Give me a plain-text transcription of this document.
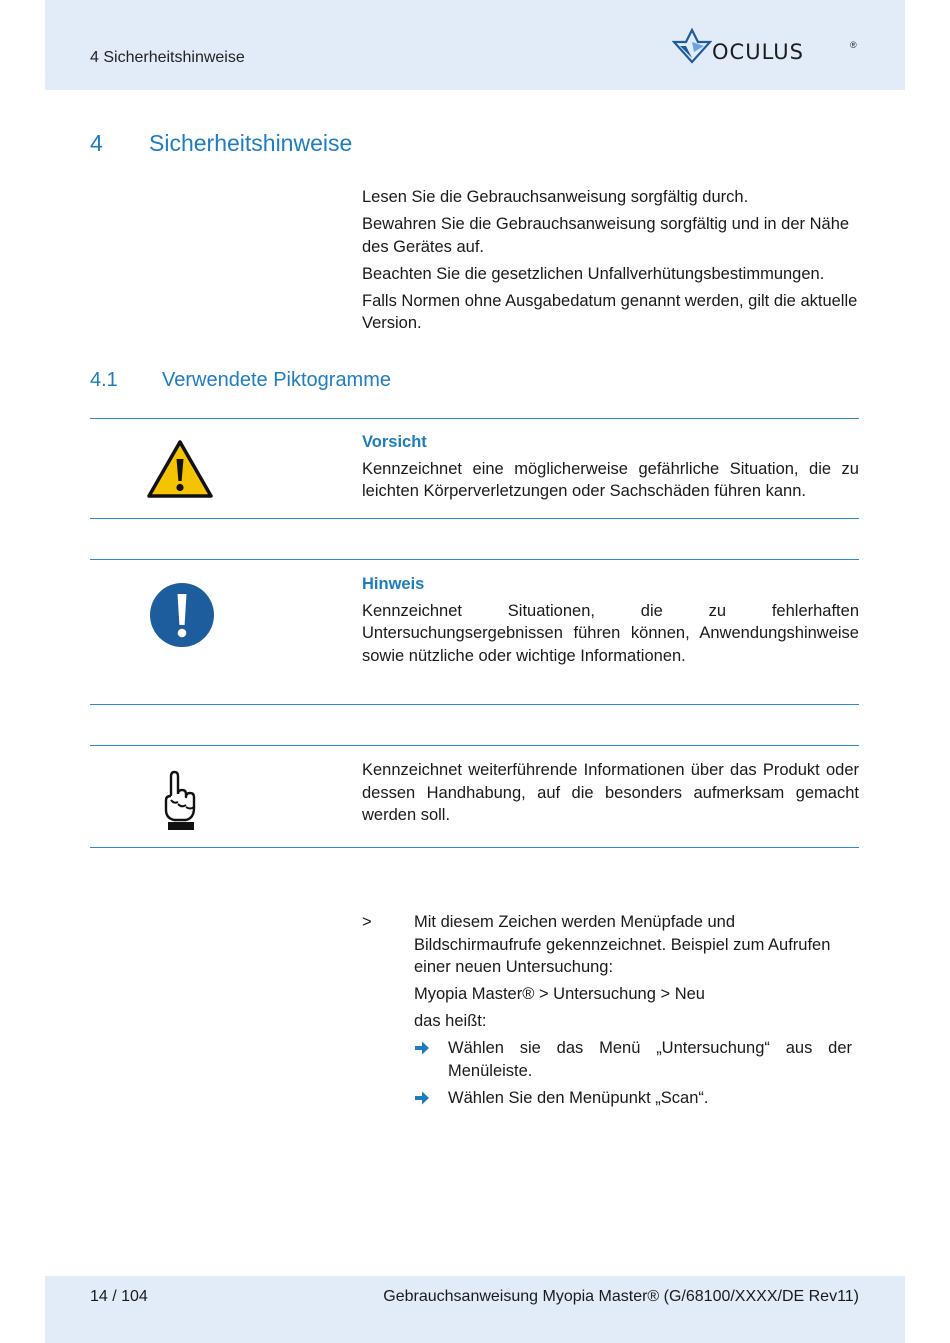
4 Sicherheitshinweise	OCULUS	®
4 Sicherheitshinweise

Lesen Sie die Gebrauchsanweisung sorgfältig durch.

Bewahren Sie die Gebrauchsanweisung sorgfältig und in der Nähe des Gerätes auf.

Beachten Sie die gesetzlichen Unfallverhütungsbestimmungen.

Falls Normen ohne Ausgabedatum genannt werden, gilt die aktuelle Version.

4.1 Verwendete Piktogramme
Vorsicht

Kennzeichnet eine möglicherweise gefährliche Situation, die zu leichten Körperverletzungen oder Sachschäden führen kann.

Hinweis

Kennzeichnet Situationen, die zu fehlerhaften Untersuchungsergebnissen führen können, Anwendungshinweise sowie nützliche oder wichtige Informationen.

Kennzeichnet weiterführende Informationen über das Produkt oder dessen Handhabung, auf die besonders aufmerksam gemacht werden soll.

>	Mit diesem Zeichen werden Menüpfade und Bildschirmaufrufe gekennzeichnet. Beispiel zum Aufrufen einer neuen Untersuchung:

Myopia Master® > Untersuchung > Neu

das heißt:

Wählen sie das Menü „Untersuchung“ aus der Menüleiste.
Wählen Sie den Menüpunkt „Scan“.
14 / 104	Gebrauchsanweisung Myopia Master® (G/68100/XXXX/DE Rev11)
